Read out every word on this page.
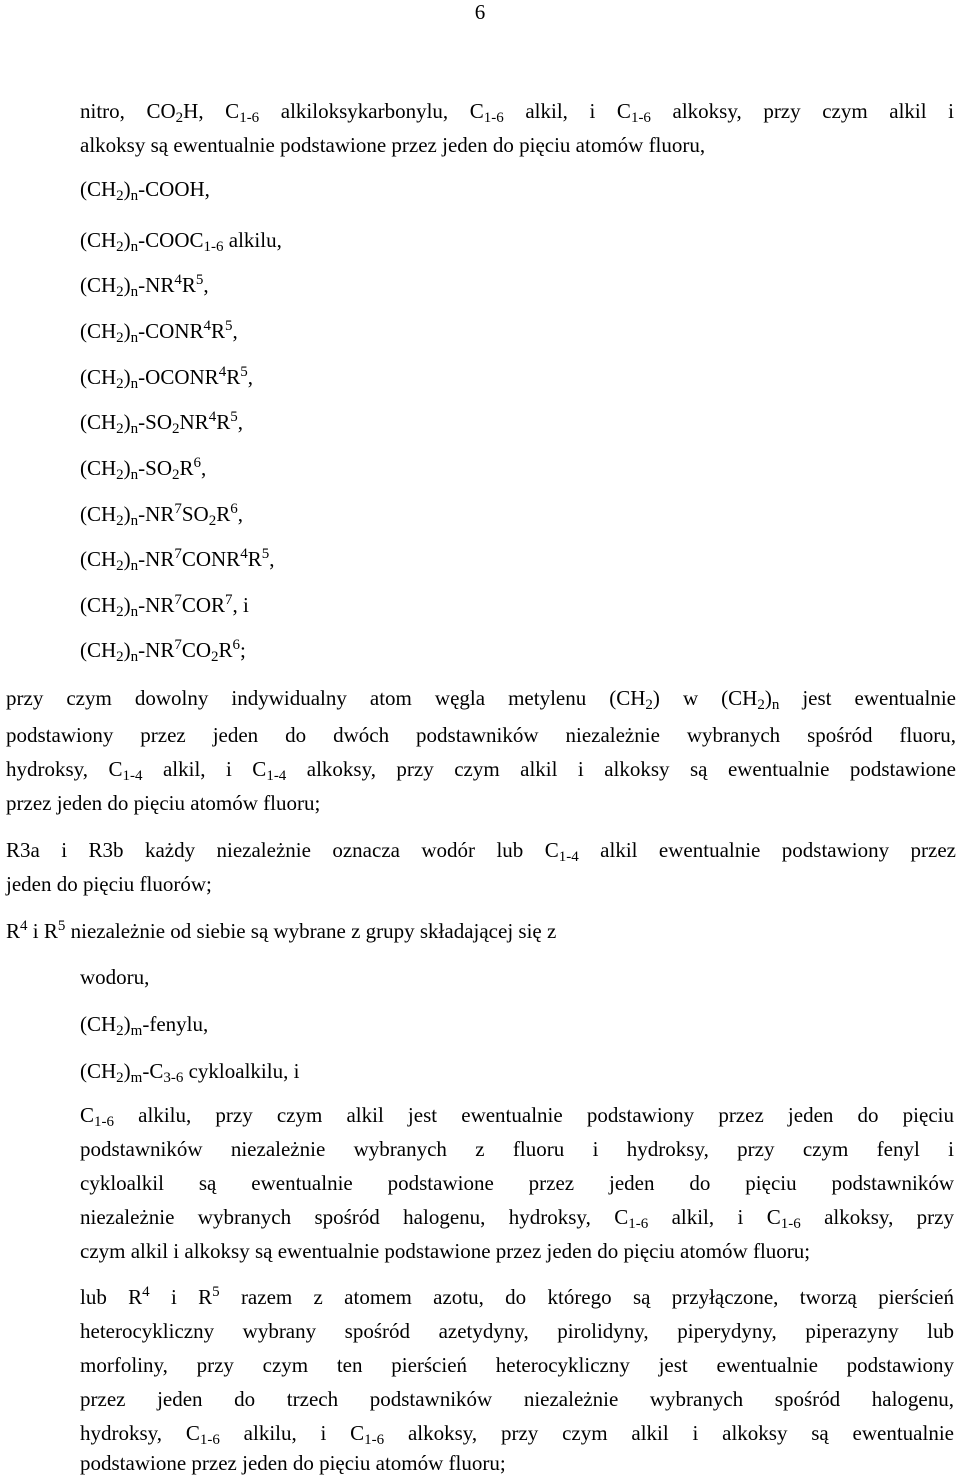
6
nitro, $CO_2H$, $C_{1-6}$ alkiloksykarbonylu, $C_{1-6}$ alkil, i $C_{1-6}$ alkoksy, przy czym alkil i
alkoksy są ewentualnie podstawione przez jeden do pięciu atomów fluoru,
$(CH_2)_n$-COOH,
$(CH_2)_n-COOC_{1-6}$ alkilu,
$(CH_2)_n-NR^4R^5$,
$(CH_2)_n-CONR^4R^5$,
$(CH_2)_n-OCONR^4R^5$,
$(CH_2)_n-SO_2NR^4R^5$,
$(CH_2)_n-SO_2R^6$,
$(CH_2)_n-NR^7SO_2R^6$,
$(CH_2)_n-NR^7CONR^4R^5$,
$(CH_2)_n-NR^7COR^7$, i
$(CH_2)_n-NR^7CO_2R^6$;
przy czym dowolny indywidualny atom węgla metylenu $(CH_2)$ w $(CH_2)_n$ jest ewentualnie
podstawiony przez jeden do dwóch podstawników niezależnie wybranych spośród fluoru,
hydroksy, $C_{1-4}$ alkil, i $C_{1-4}$ alkoksy, przy czym alkil i alkoksy są ewentualnie podstawione
przez jeden do pięciu atomów fluoru;
R3a i R3b każdy niezależnie oznacza wodór lub $C_{1-4}$ alkil ewentualnie podstawiony przez
jeden do pięciu fluorów;
$R^4$ i $R^5$ niezależnie od siebie są wybrane z grupy składającej się z
wodoru,
$(CH_2)_m$-fenylu,
$(CH_2)_m-C_{3-6}$ cykloalkilu, i
$C_{1-6}$ alkilu, przy czym alkil jest ewentualnie podstawiony przez jeden do pięciu
podstawników niezależnie wybranych z fluoru i hydroksy, przy czym fenyl i
cykloalkil są ewentualnie podstawione przez jeden do pięciu podstawników
niezależnie wybranych spośród halogenu, hydroksy, $C_{1-6}$ alkil, i $C_{1-6}$ alkoksy, przy
czym alkil i alkoksy są ewentualnie podstawione przez jeden do pięciu atomów fluoru;
lub $R^4$ i $R^5$ razem z atomem azotu, do którego są przyłączone, tworzą pierścień
heterocykliczny wybrany spośród azetydyny, pirolidyny, piperydyny, piperazyny lub
morfoliny, przy czym ten pierścień heterocykliczny jest ewentualnie podstawiony
przez jeden do trzech podstawników niezależnie wybranych spośród halogenu,
hydroksy, $C_{1-6}$ alkilu, i $C_{1-6}$ alkoksy, przy czym alkil i alkoksy są ewentualnie
podstawione przez jeden do pięciu atomów fluoru;
